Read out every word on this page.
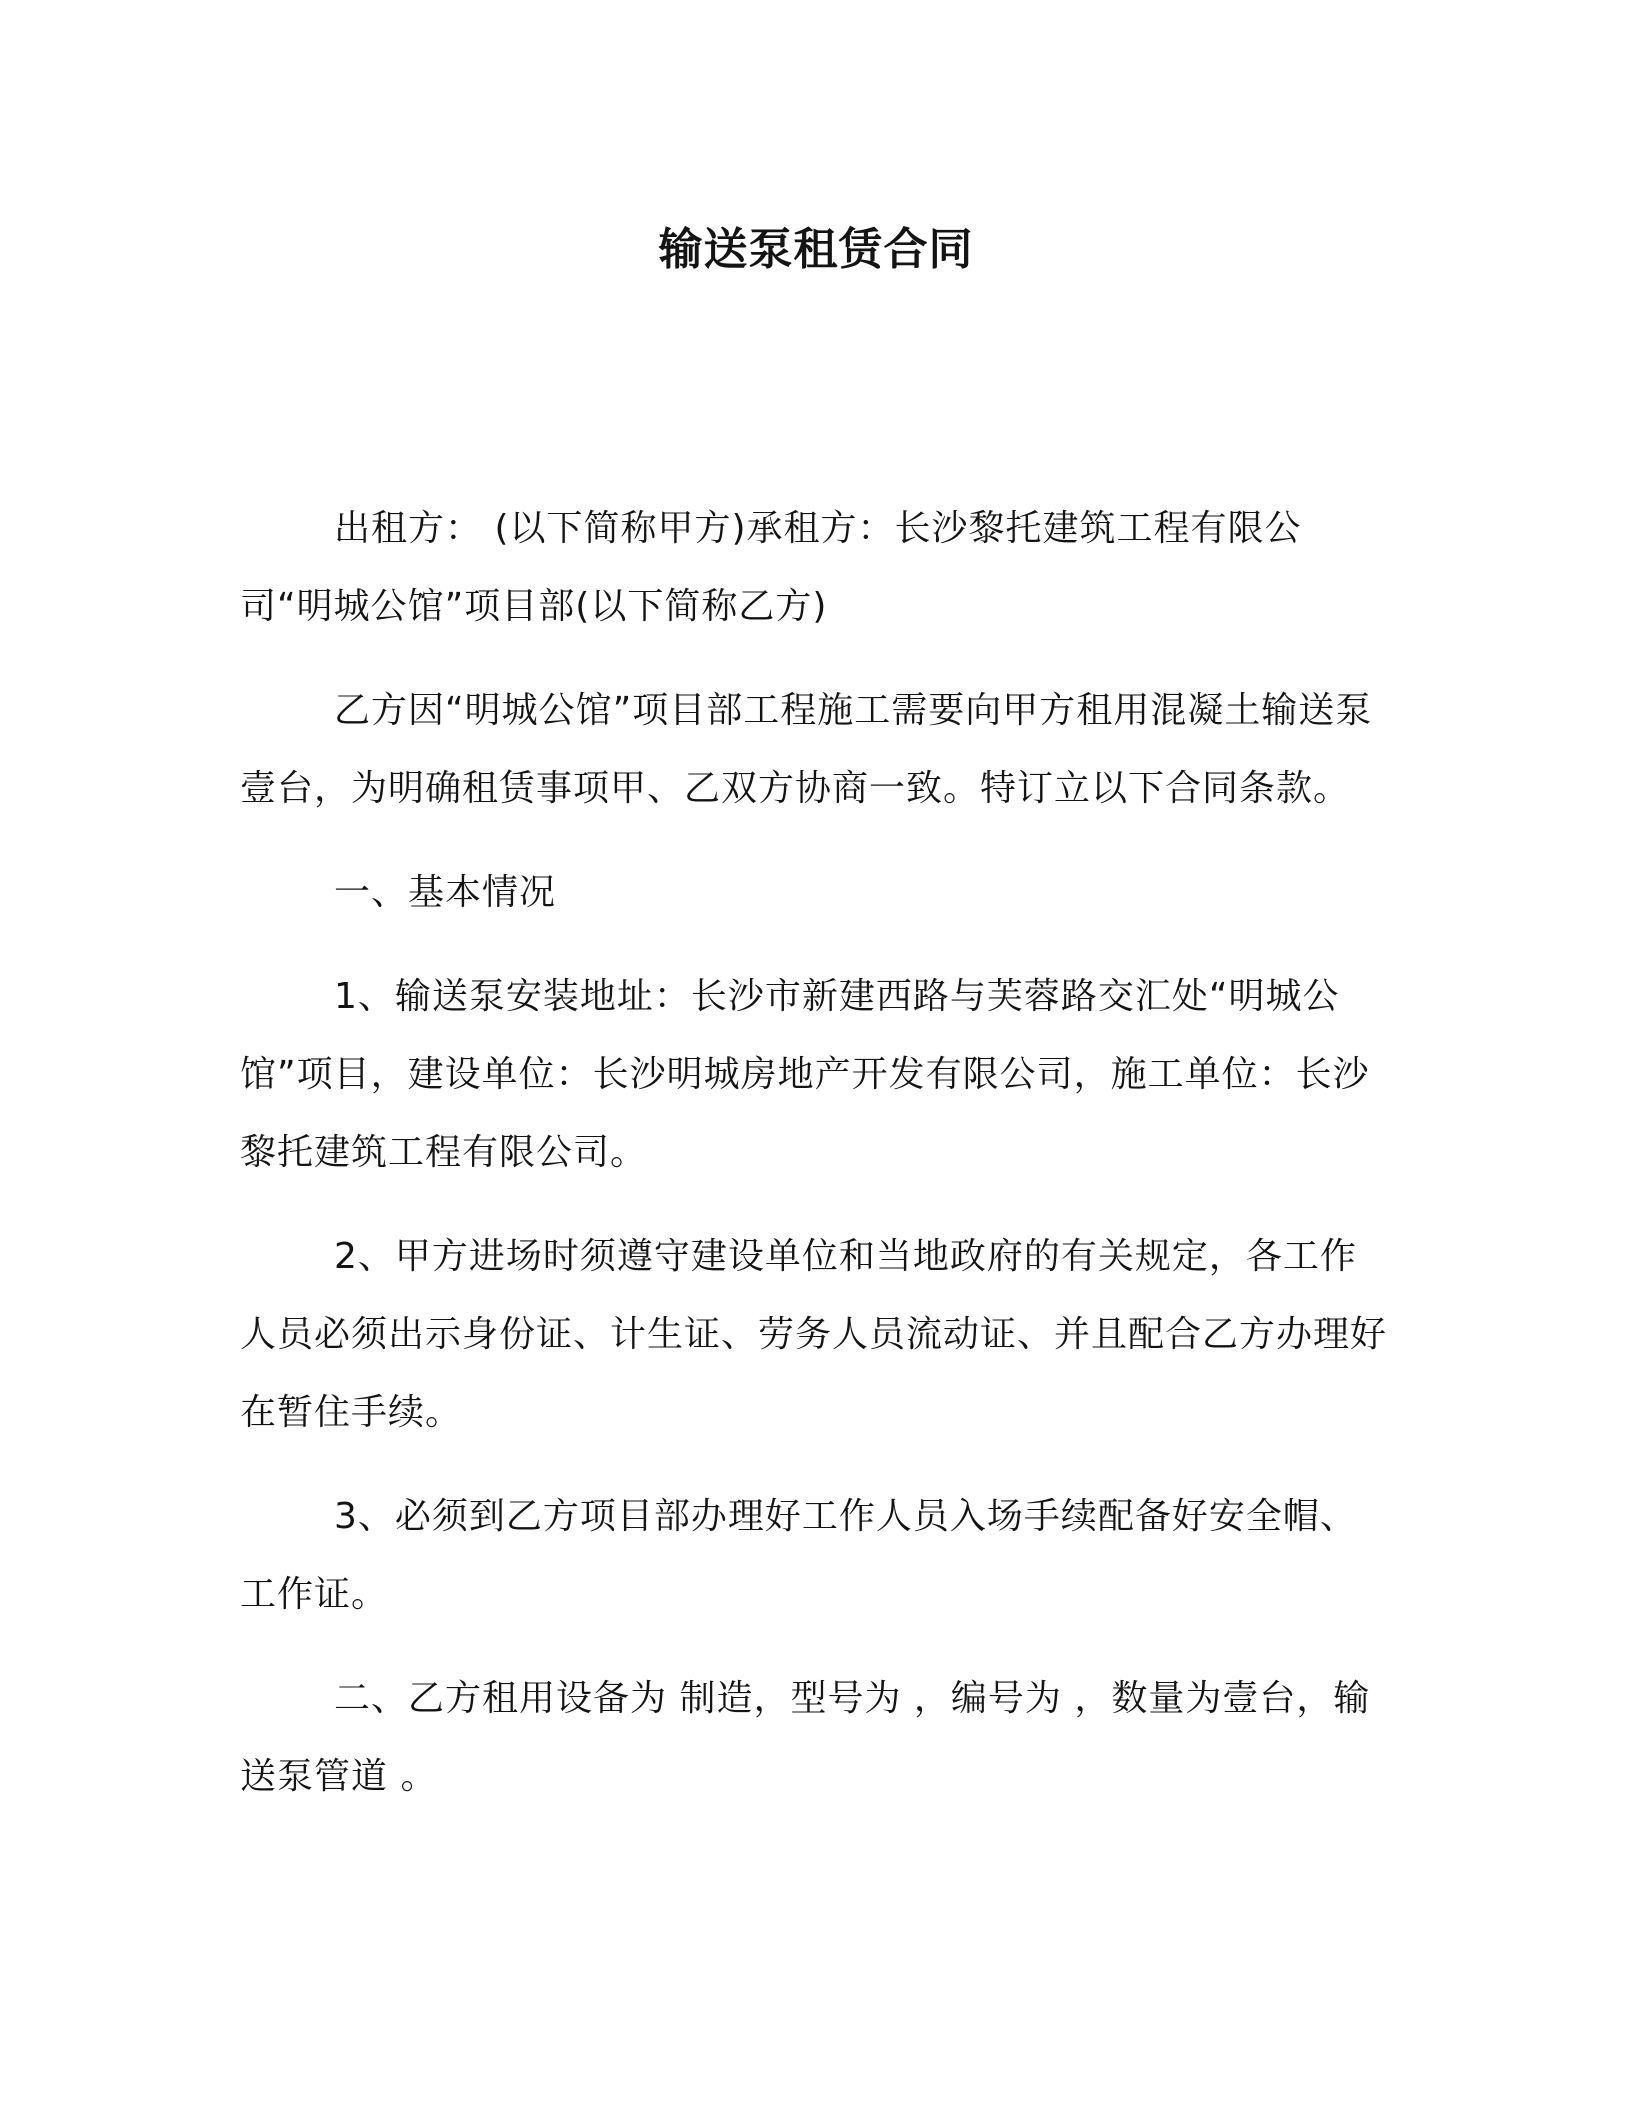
输送泵租赁合同

出租方： (以下简称甲方)承租方：长沙黎托建筑工程有限公司“明城公馆”项目部(以下简称乙方)

乙方因“明城公馆”项目部工程施工需要向甲方租用混凝土输送泵壹台，为明确租赁事项甲、乙双方协商一致。特订立以下合同条款。

一、基本情况

1、输送泵安装地址：长沙市新建西路与芙蓉路交汇处“明城公馆”项目，建设单位：长沙明城房地产开发有限公司，施工单位：长沙黎托建筑工程有限公司。

2、甲方进场时须遵守建设单位和当地政府的有关规定，各工作人员必须出示身份证、计生证、劳务人员流动证、并且配合乙方办理好在暂住手续。

3、必须到乙方项目部办理好工作人员入场手续配备好安全帽、工作证。

二、乙方租用设备为 制造，型号为 ，编号为 ，数量为壹台，输送泵管道 。
